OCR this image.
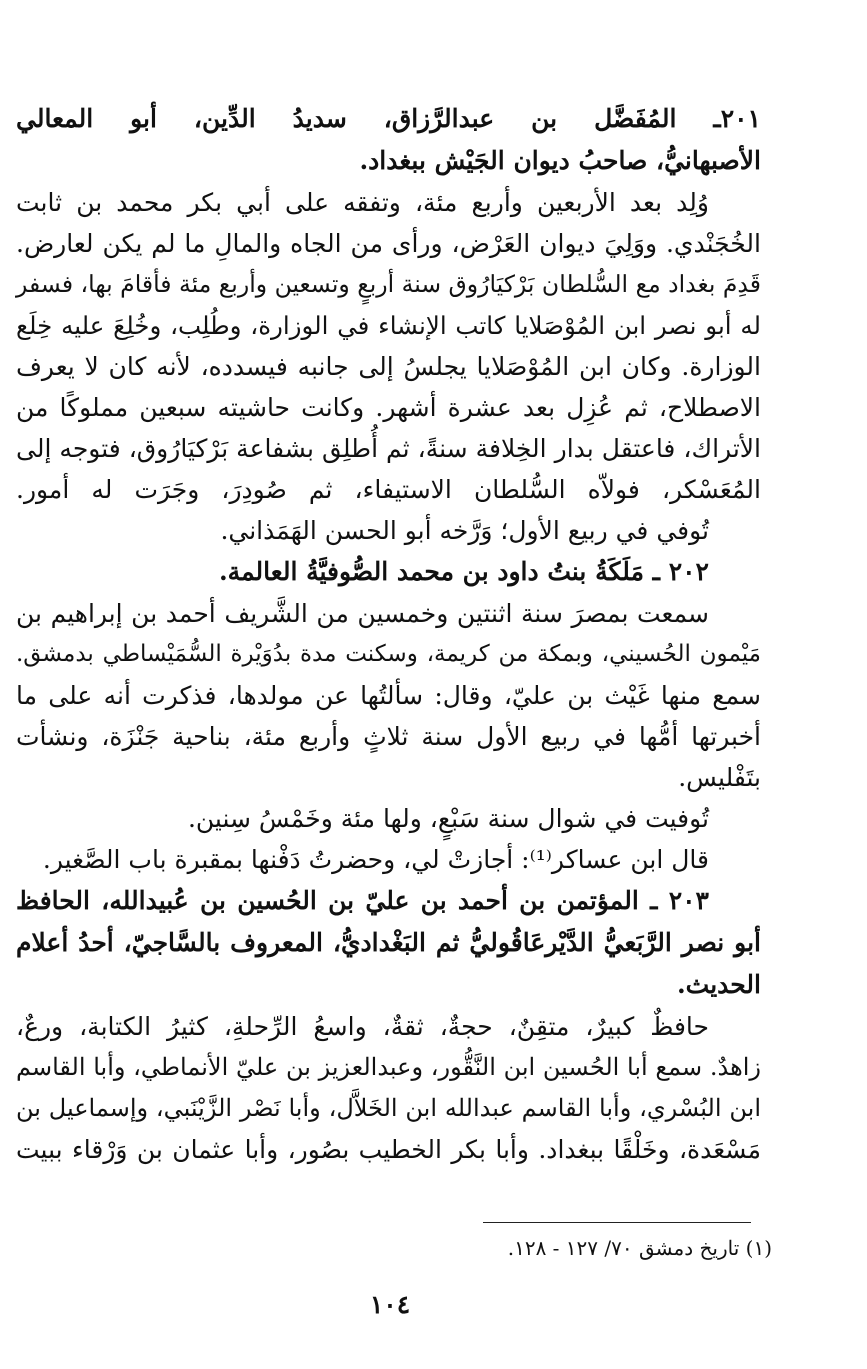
٢٠١ـ المُفَضَّل بن عبدالرَّزاق، سديدُ الدِّين، أبو المعالي
الأصبهانيُّ، صاحبُ ديوان الجَيْش ببغداد.
وُلِد بعد الأربعين وأربع مئة، وتفقه على أبي بكر محمد بن ثابت
الخُجَنْدي. ووَلِيَ ديوان العَرْض، ورأى من الجاه والمالِ ما لم يكن لعارض.
قَدِمَ بغداد مع السُّلطان بَرْكيَارُوق سنة أربعٍ وتسعين وأربع مئة فأقامَ بها، فسفر
له أبو نصر ابن المُوْصَلايا كاتب الإنشاء في الوزارة، وطُلِب، وخُلِعَ عليه خِلَع
الوزارة. وكان ابن المُوْصَلايا يجلسُ إلى جانبه فيسدده، لأنه كان لا يعرف
الاصطلاح، ثم عُزِل بعد عشرة أشهر. وكانت حاشيته سبعين مملوكًا من
الأتراك، فاعتقل بدار الخِلافة سنةً، ثم أُطلِق بشفاعة بَرْكيَارُوق، فتوجه إلى
المُعَسْكر، فولاّه السُّلطان الاستيفاء، ثم صُودِرَ، وجَرَت له أمور.
تُوفي في ربيع الأول؛ وَرَّخه أبو الحسن الهَمَذاني.
٢٠٢ ـ مَلَكَةُ بنتُ داود بن محمد الصُّوفيَّةُ العالمة.
سمعت بمصرَ سنة اثنتين وخمسين من الشَّريف أحمد بن إبراهيم بن
مَيْمون الحُسيني، وبمكة من كريمة، وسكنت مدة بدُوَيْرة السُّمَيْساطي بدمشق.
سمع منها غَيْث بن عليّ، وقال: سألتُها عن مولدها، فذكرت أنه على ما
أخبرتها أمُّها في ربيع الأول سنة ثلاثٍ وأربع مئة، بناحية جَنْزَة، ونشأت
بتَفْليس.
تُوفيت في شوال سنة سَبْعٍ، ولها مئة وخَمْسُ سِنين.
قال ابن عساكر⁽¹⁾: أجازتْ لي، وحضرتُ دَفْنها بمقبرة باب الصَّغير.
٢٠٣ ـ المؤتمن بن أحمد بن عليّ بن الحُسين بن عُبيدالله، الحافظ
أبو نصر الرَّبَعيُّ الدَّيْرعَاقُوليُّ ثم البَغْداديُّ، المعروف بالسَّاجيّ، أحدُ أعلام
الحديث.
حافظٌ كبيرٌ، متقِنٌ، حجةٌ، ثقةٌ، واسعُ الرِّحلةِ، كثيرُ الكتابة، ورعٌ،
زاهدٌ. سمع أبا الحُسين ابن النَّقُّور، وعبدالعزيز بن عليّ الأنماطي، وأبا القاسم
ابن البُسْري، وأبا القاسم عبدالله ابن الخَلاَّل، وأبا نَصْر الزَّيْنَبي، وإسماعيل بن
مَسْعَدة، وخَلْقًا ببغداد. وأبا بكر الخطيب بصُور، وأبا عثمان بن وَرْقاء ببيت
(١) تاريخ دمشق ٧٠/ ١٢٧ - ١٢٨.
١٠٤
